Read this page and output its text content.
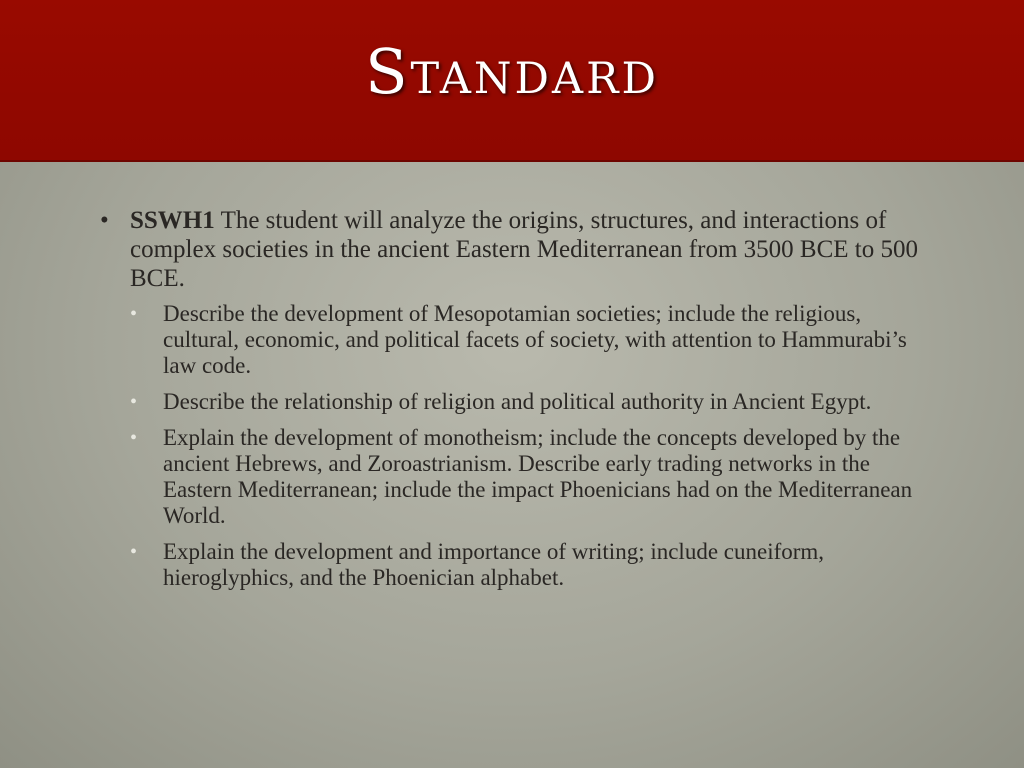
Standard
• SSWH1 The student will analyze the origins, structures, and interactions of complex societies in the ancient Eastern Mediterranean from 3500 BCE to 500 BCE.
• Describe the development of Mesopotamian societies; include the religious, cultural, economic, and political facets of society, with attention to Hammurabi’s law code.
• Describe the relationship of religion and political authority in Ancient Egypt.
• Explain the development of monotheism; include the concepts developed by the ancient Hebrews, and Zoroastrianism. Describe early trading networks in the Eastern Mediterranean; include the impact Phoenicians had on the Mediterranean World.
• Explain the development and importance of writing; include cuneiform, hieroglyphics, and the Phoenician alphabet.
